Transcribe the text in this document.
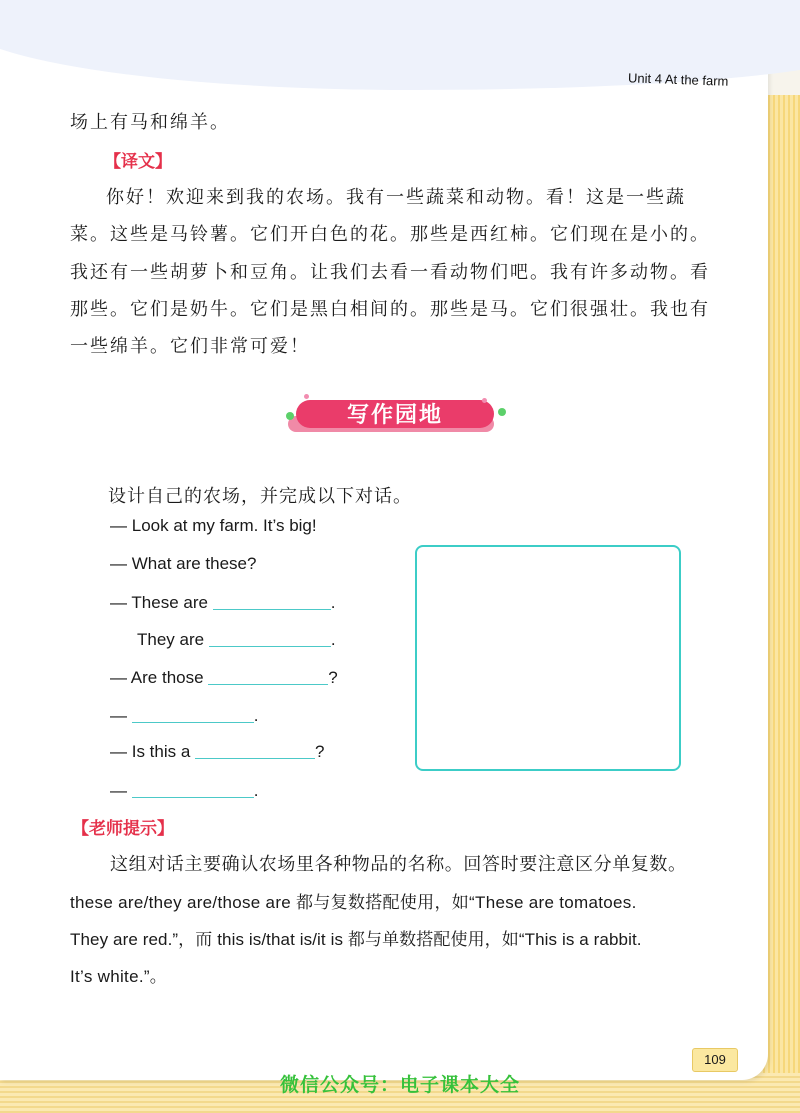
Unit 4 At the farm
场上有马和绵羊。
【译文】
你好！欢迎来到我的农场。我有一些蔬菜和动物。看！这是一些蔬
菜。这些是马铃薯。它们开白色的花。那些是西红柿。它们现在是小的。
我还有一些胡萝卜和豆角。让我们去看一看动物们吧。我有许多动物。看
那些。它们是奶牛。它们是黑白相间的。那些是马。它们很强壮。我也有
一些绵羊。它们非常可爱！
写作园地
设计自己的农场，并完成以下对话。
— Look at my farm. It’s big!
— What are these?
— These are	.
They are	.
— Are those	?
—	.
— Is this a	?
—	.
【老师提示】
这组对话主要确认农场里各种物品的名称。回答时要注意区分单复数。
these are/they are/those are 都与复数搭配使用，如“These are tomatoes.
They are red.”，而 this is/that is/it is 都与单数搭配使用，如“This is a rabbit.
It’s white.”。
109
微信公众号：电子课本大全
